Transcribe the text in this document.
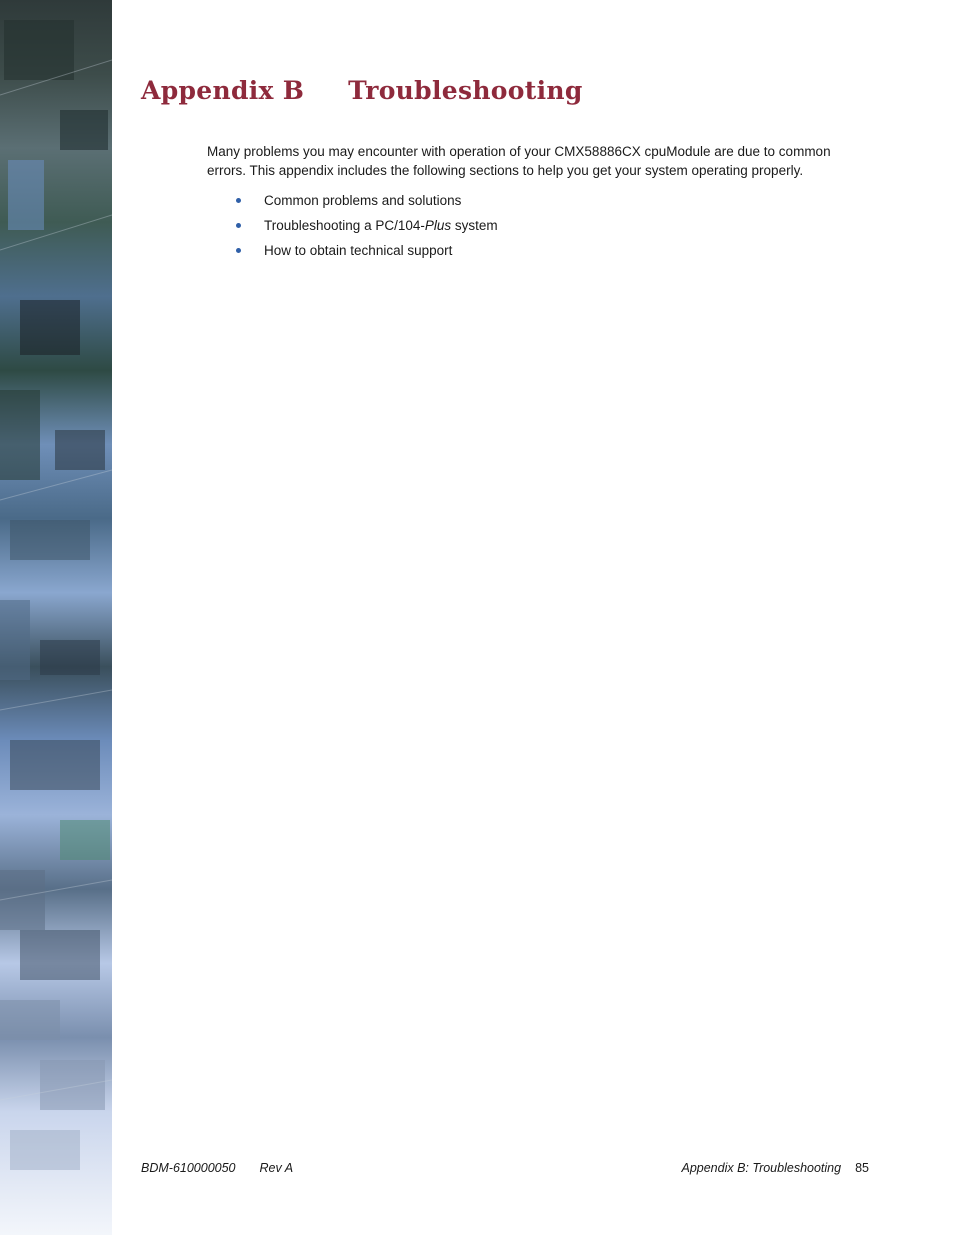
Appendix B Troubleshooting

Many problems you may encounter with operation of your CMX58886CX cpuModule are due to common errors. This appendix includes the following sections to help you get your system operating properly.

Common problems and solutions
Troubleshooting a PC/104-Plus system
How to obtain technical support
BDM-610000050 Rev A	Appendix B: Troubleshooting 85
